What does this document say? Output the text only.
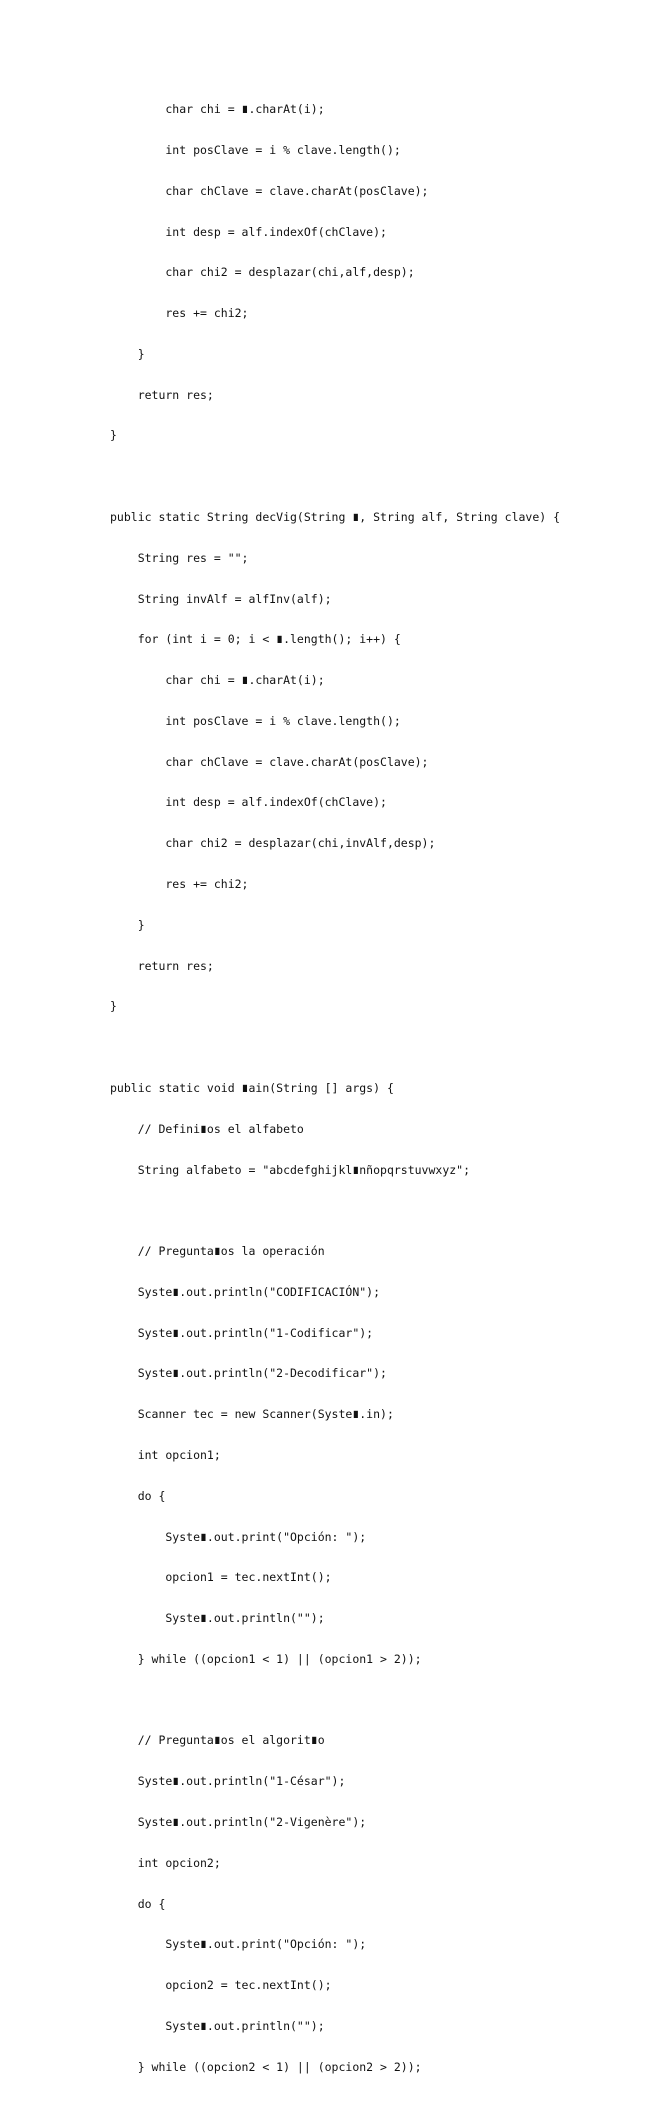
char chi = ∎.charAt(i);

int posClave = i % clave.length();

char chClave = clave.charAt(posClave);

int desp = alf.indexOf(chClave);

char chi2 = desplazar(chi,alf,desp);

res += chi2;

}

return res;

}

public static String decVig(String ∎, String alf, String clave) {

String res = "";

String invAlf = alfInv(alf);

for (int i = 0; i < ∎.length(); i++) {

char chi = ∎.charAt(i);

int posClave = i % clave.length();

char chClave = clave.charAt(posClave);

int desp = alf.indexOf(chClave);

char chi2 = desplazar(chi,invAlf,desp);

res += chi2;

}

return res;

}

public static void ∎ain(String [] args) {

// Defini∎os el alfabeto

String alfabeto = "abcdefghijkl∎nñopqrstuvwxyz";

// Pregunta∎os la operación

Syste∎.out.println("CODIFICACIÓN");

Syste∎.out.println("1-Codificar");

Syste∎.out.println("2-Decodificar");

Scanner tec = new Scanner(Syste∎.in);

int opcion1;

do {

Syste∎.out.print("Opción: ");

opcion1 = tec.nextInt();

Syste∎.out.println("");

} while ((opcion1 < 1) || (opcion1 > 2));

// Pregunta∎os el algorit∎o

Syste∎.out.println("1-César");

Syste∎.out.println("2-Vigenère");

int opcion2;

do {

Syste∎.out.print("Opción: ");

opcion2 = tec.nextInt();

Syste∎.out.println("");

} while ((opcion2 < 1) || (opcion2 > 2));
